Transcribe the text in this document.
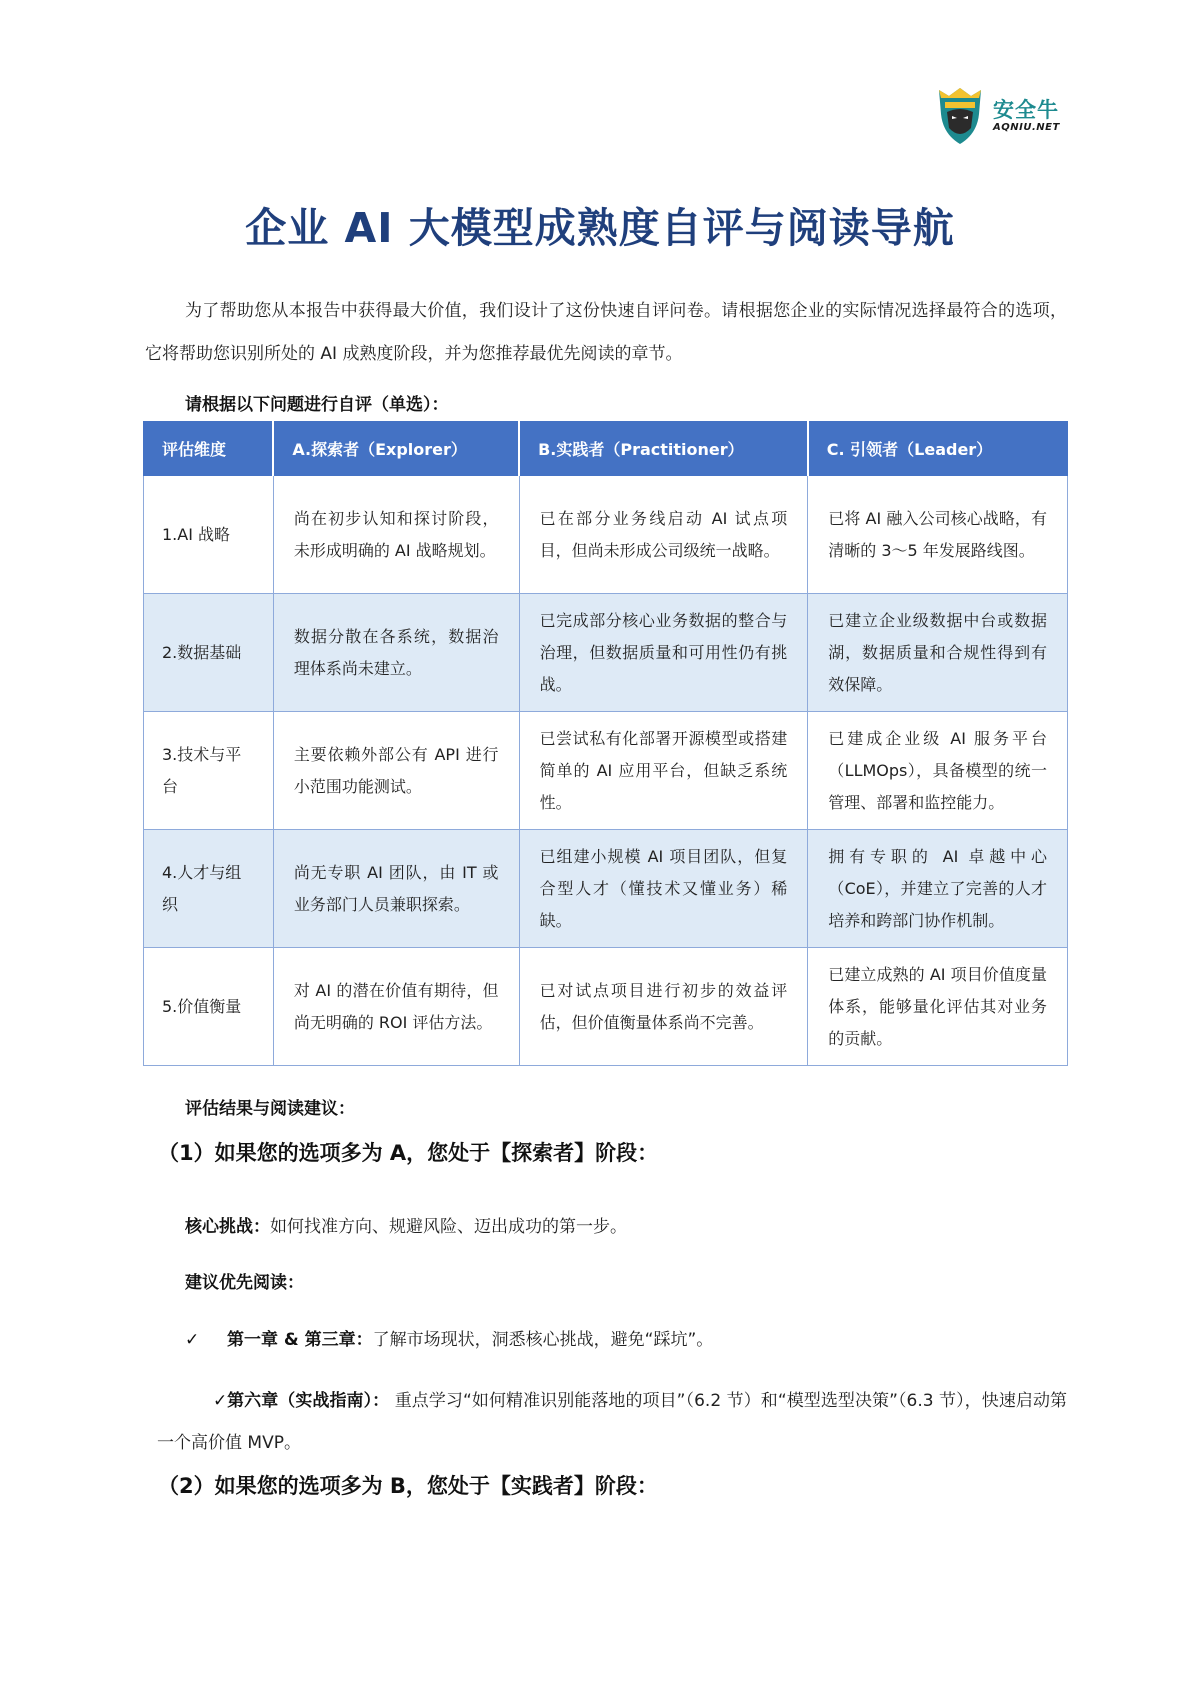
安全牛
AQNIU.NET
企业 AI 大模型成熟度自评与阅读导航

为了帮助您从本报告中获得最大价值，我们设计了这份快速自评问卷。请根据您企业的实际情况选择最符合的选项，它将帮助您识别所处的 AI 成熟度阶段，并为您推荐最优先阅读的章节。

请根据以下问题进行自评（单选）：
评估维度	A.探索者（Explorer）	B.实践者（Practitioner）	C. 引领者（Leader）
1.AI 战略	尚在初步认知和探讨阶段，未形成明确的 AI 战略规划。	已在部分业务线启动 AI 试点项目，但尚未形成公司级统一战略。	已将 AI 融入公司核心战略，有清晰的 3～5 年发展路线图。
2.数据基础	数据分散在各系统，数据治理体系尚未建立。	已完成部分核心业务数据的整合与治理，但数据质量和可用性仍有挑战。	已建立企业级数据中台或数据湖，数据质量和合规性得到有效保障。
3.技术与平台	主要依赖外部公有 API 进行小范围功能测试。	已尝试私有化部署开源模型或搭建简单的 AI 应用平台，但缺乏系统性。	已建成企业级 AI 服务平台（LLMOps），具备模型的统一管理、部署和监控能力。
4.人才与组织	尚无专职 AI 团队，由 IT 或业务部门人员兼职探索。	已组建小规模 AI 项目团队，但复合型人才（懂技术又懂业务）稀缺。	拥有专职的 AI 卓越中心（CoE），并建立了完善的人才培养和跨部门协作机制。
5.价值衡量	对 AI 的潜在价值有期待，但尚无明确的 ROI 评估方法。	已对试点项目进行初步的效益评估，但价值衡量体系尚不完善。	已建立成熟的 AI 项目价值度量体系，能够量化评估其对业务的贡献。
评估结果与阅读建议：
（1）如果您的选项多为 A，您处于【探索者】阶段：
核心挑战：如何找准方向、规避风险、迈出成功的第一步。
建议优先阅读：
✓ 第一章 & 第三章：了解市场现状，洞悉核心挑战，避免“踩坑”。

✓第六章（实战指南）： 重点学习“如何精准识别能落地的项目”（6.2 节）和“模型选型决策”（6.3 节），快速启动第一个高价值 MVP。

（2）如果您的选项多为 B，您处于【实践者】阶段：
